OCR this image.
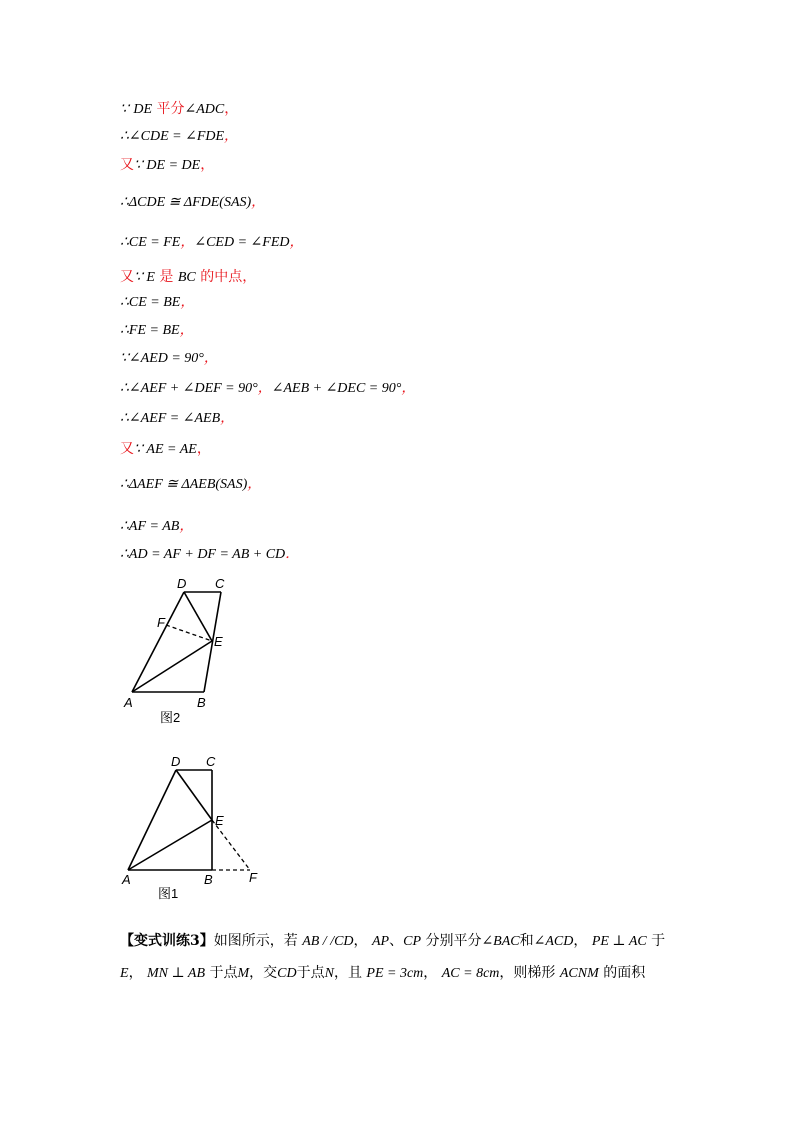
∵ DE 平分∠ADC，
∴∠CDE = ∠FDE，
又∵ DE = DE，
∴ΔCDE ≅ ΔFDE(SAS)，
∴CE = FE，∠CED = ∠FED，
又∵ E 是 BC 的中点，
∴CE = BE，
∴FE = BE，
∵∠AED = 90°，
∴∠AEF + ∠DEF = 90°，∠AEB + ∠DEC = 90°，
∴∠AEF = ∠AEB，
又∵ AE = AE，
∴ΔAEF ≅ ΔAEB(SAS)，
∴AF = AB，
∴AD = AF + DF = AB + CD．
D C
F
E
A	B
图2
D C
E
A	B	F
图1
【变式训练3】如图所示，若 AB / /CD， AP、CP 分别平分∠BAC和∠ACD， PE ⊥ AC 于
E， MN ⊥ AB 于点M，交CD于点N，且 PE = 3cm， AC = 8cm，则梯形 ACNM 的面积
